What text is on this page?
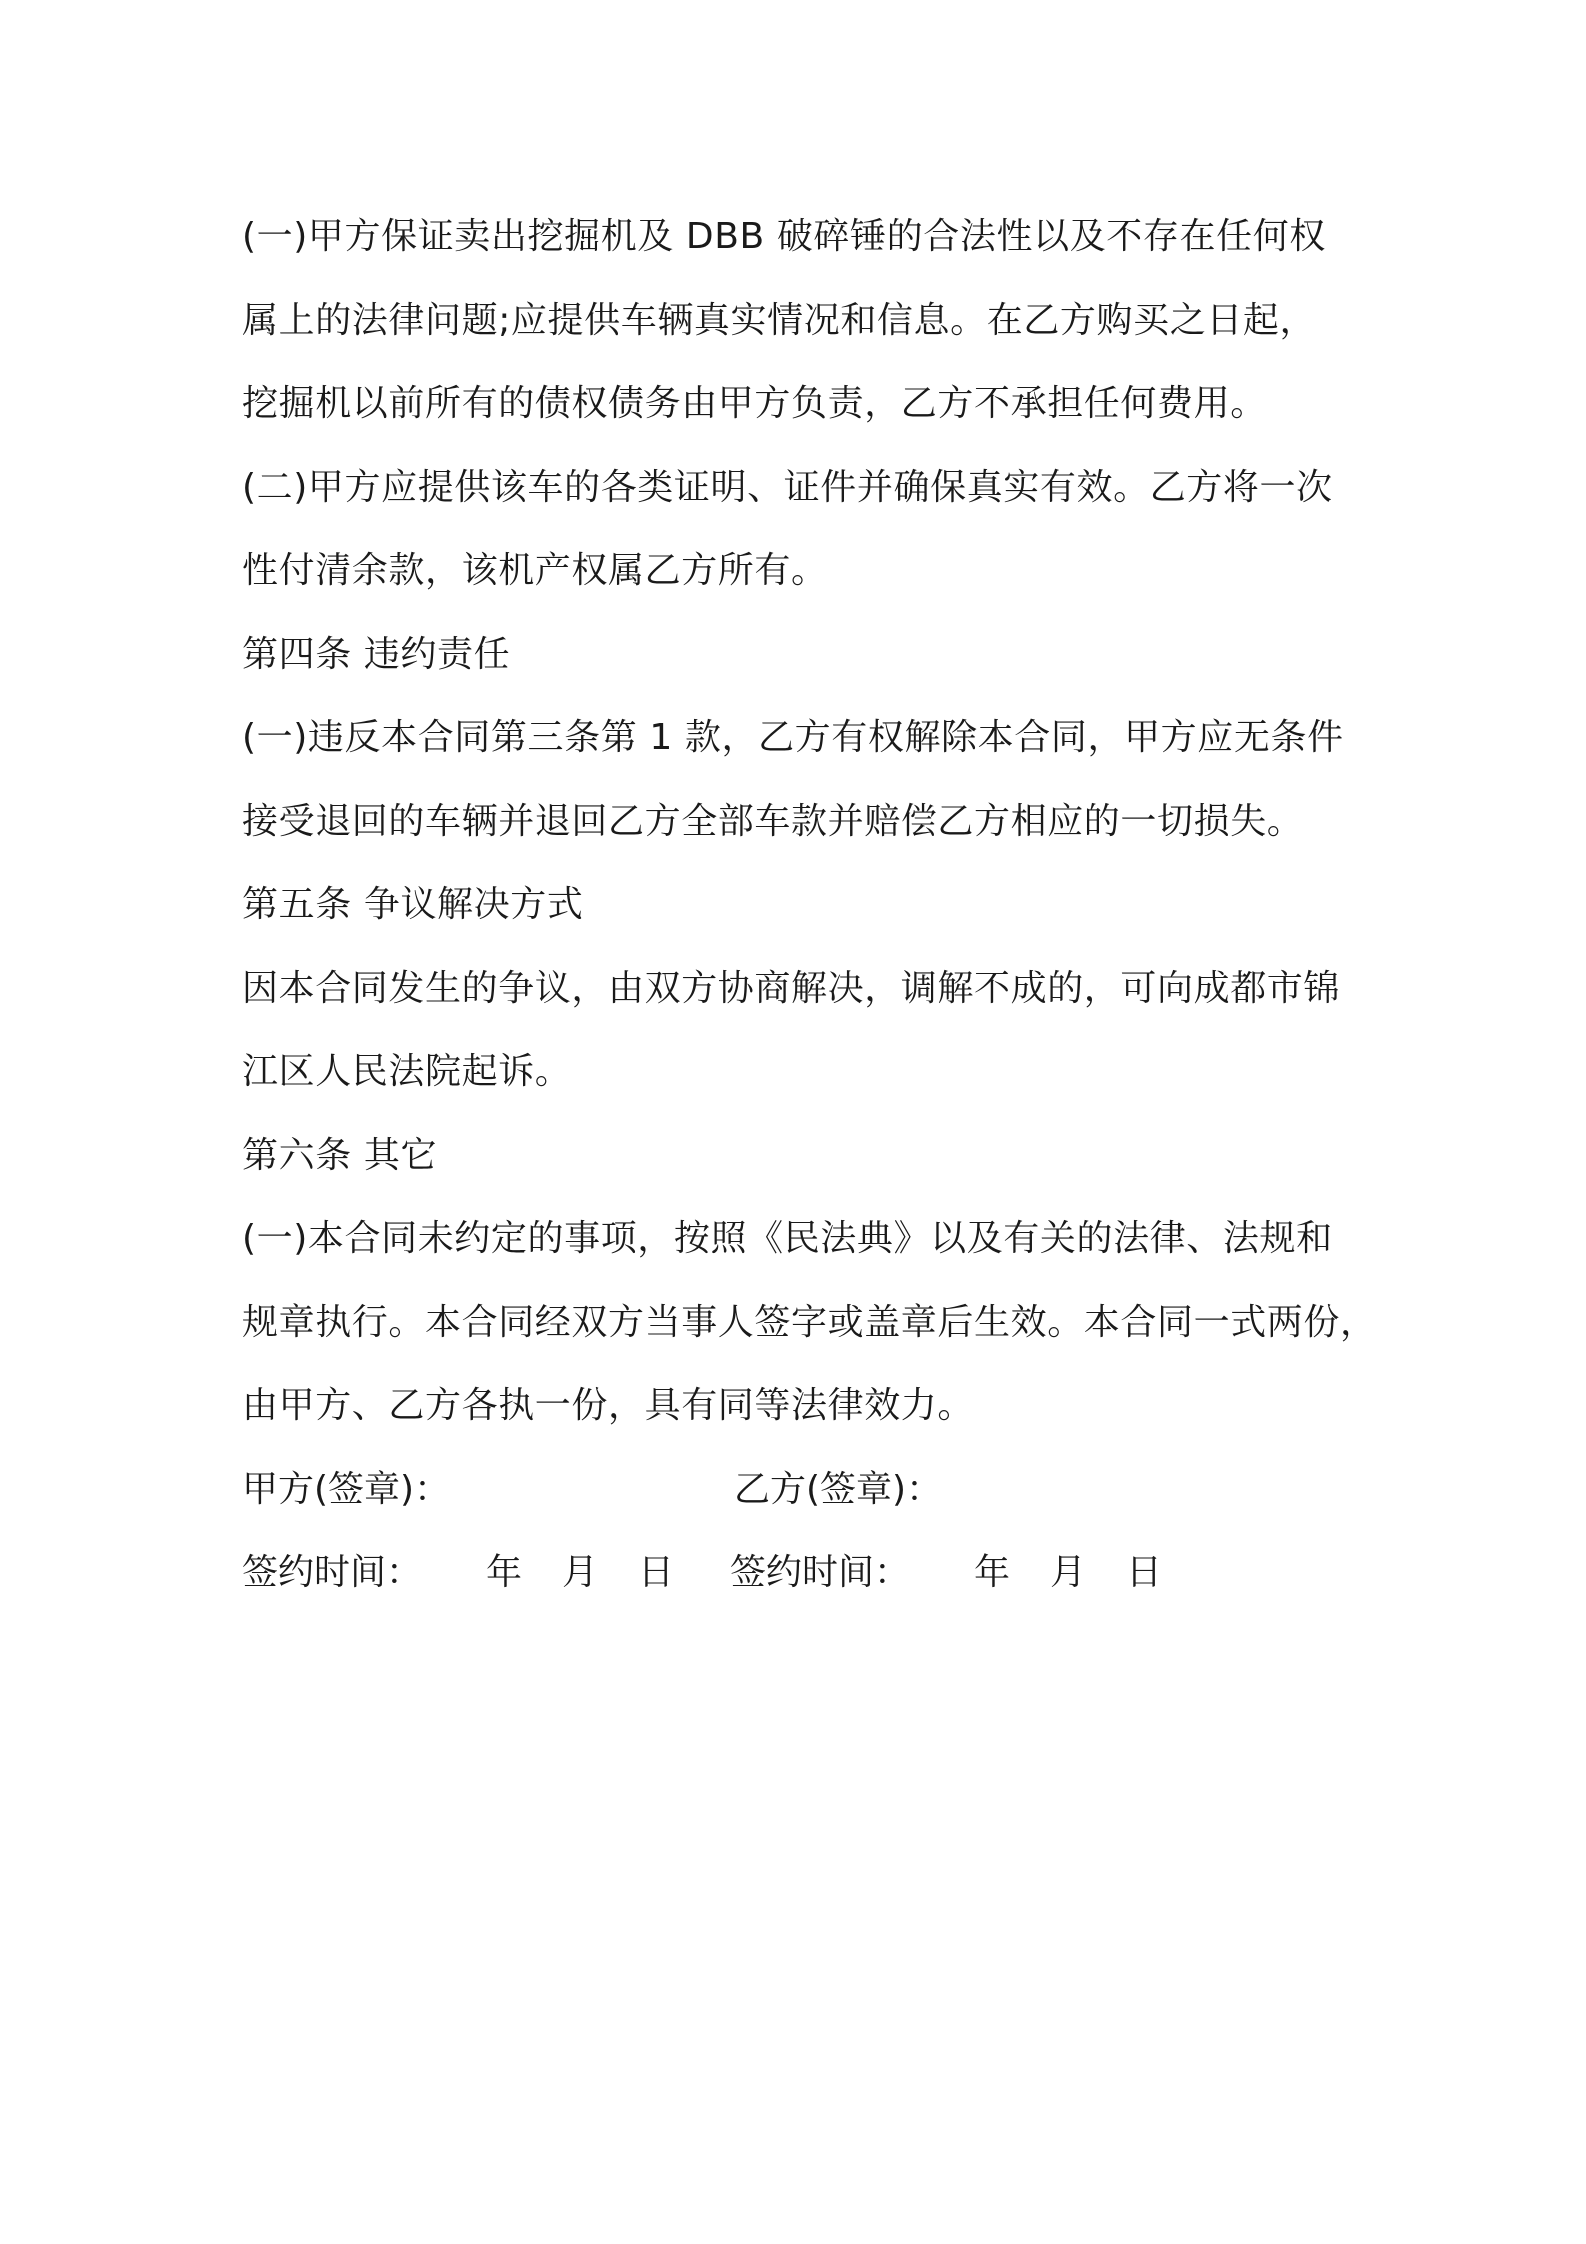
(一)甲方保证卖出挖掘机及 DBB 破碎锤的合法性以及不存在任何权
属上的法律问题;应提供车辆真实情况和信息。在乙方购买之日起，
挖掘机以前所有的债权债务由甲方负责，乙方不承担任何费用。
(二)甲方应提供该车的各类证明、证件并确保真实有效。乙方将一次
性付清余款，该机产权属乙方所有。
第四条 违约责任
(一)违反本合同第三条第 1 款，乙方有权解除本合同，甲方应无条件
接受退回的车辆并退回乙方全部车款并赔偿乙方相应的一切损失。
第五条 争议解决方式
因本合同发生的争议，由双方协商解决，调解不成的，可向成都市锦
江区人民法院起诉。
第六条 其它
(一)本合同未约定的事项，按照《民法典》以及有关的法律、法规和
规章执行。本合同经双方当事人签字或盖章后生效。本合同一式两份，
由甲方、乙方各执一份，具有同等法律效力。
甲方(签章)：	乙方(签章)：
签约时间： 年 月 日 签约时间： 年 月 日
